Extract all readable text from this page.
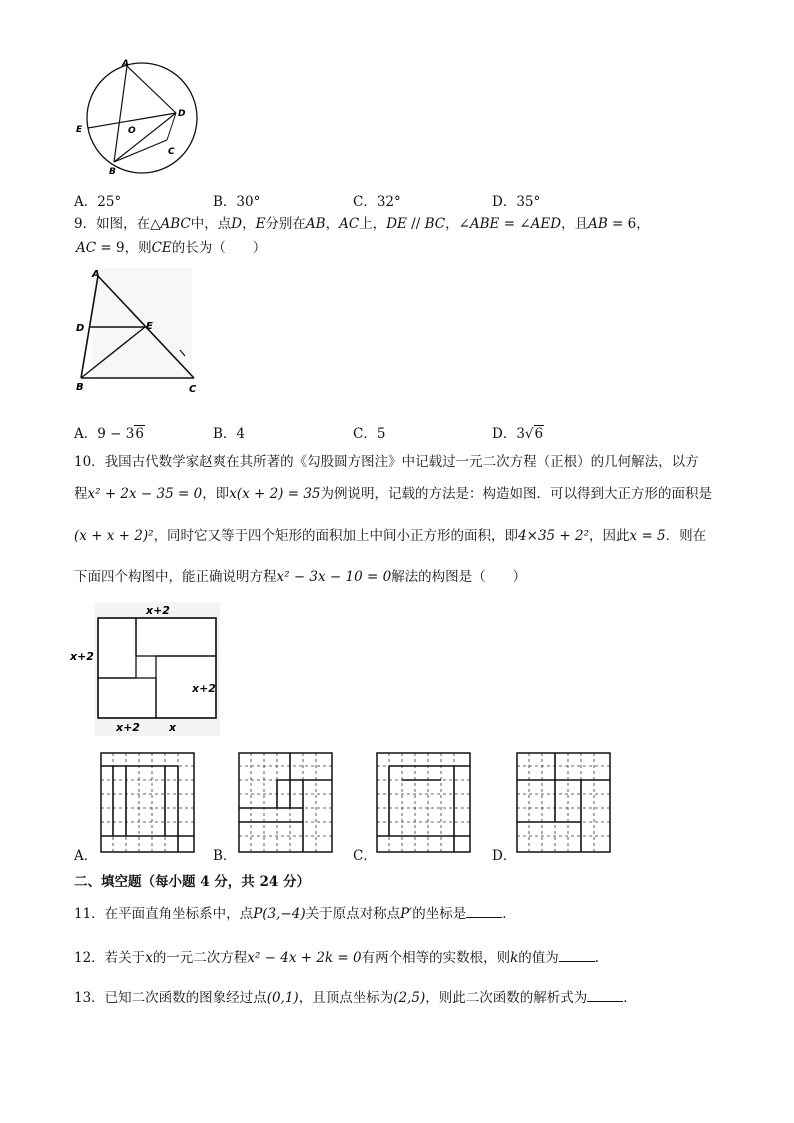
A
D
E	O
C
B
A．25°	B．30°	C．32°	D．35°
9．如图，在△ABC中，点D，E分别在AB，AC上，DE // BC，∠ABE = ∠AED，且AB = 6，
AC = 9，则CE的长为（　　）
A
D	E
B	C
A．9 − 36	B．4	C．5	D．3√6
10．我国古代数学家赵爽在其所著的《勾股圆方图注》中记载过一元二次方程（正根）的几何解法，以方
程x² + 2x − 35 = 0，即x(x + 2) = 35为例说明，记载的方法是：构造如图．可以得到大正方形的面积是
(x + x + 2)²，同时它又等于四个矩形的面积加上中间小正方形的面积，即4×35 + 2²，因此x = 5．则在
下面四个构图中，能正确说明方程x² − 3x − 10 = 0解法的构图是（　　）
x+2
x+2
x+2	x
x+2
A．	B．	C．	D．
二、填空题（每小题 4 分，共 24 分）
11．在平面直角坐标系中，点P(3,−4)关于原点对称点P′的坐标是	．
12．若关于x的一元二次方程x² − 4x + 2k = 0有两个相等的实数根，则k的值为	．
13．已知二次函数的图象经过点(0,1)，且顶点坐标为(2,5)，则此二次函数的解析式为	．
